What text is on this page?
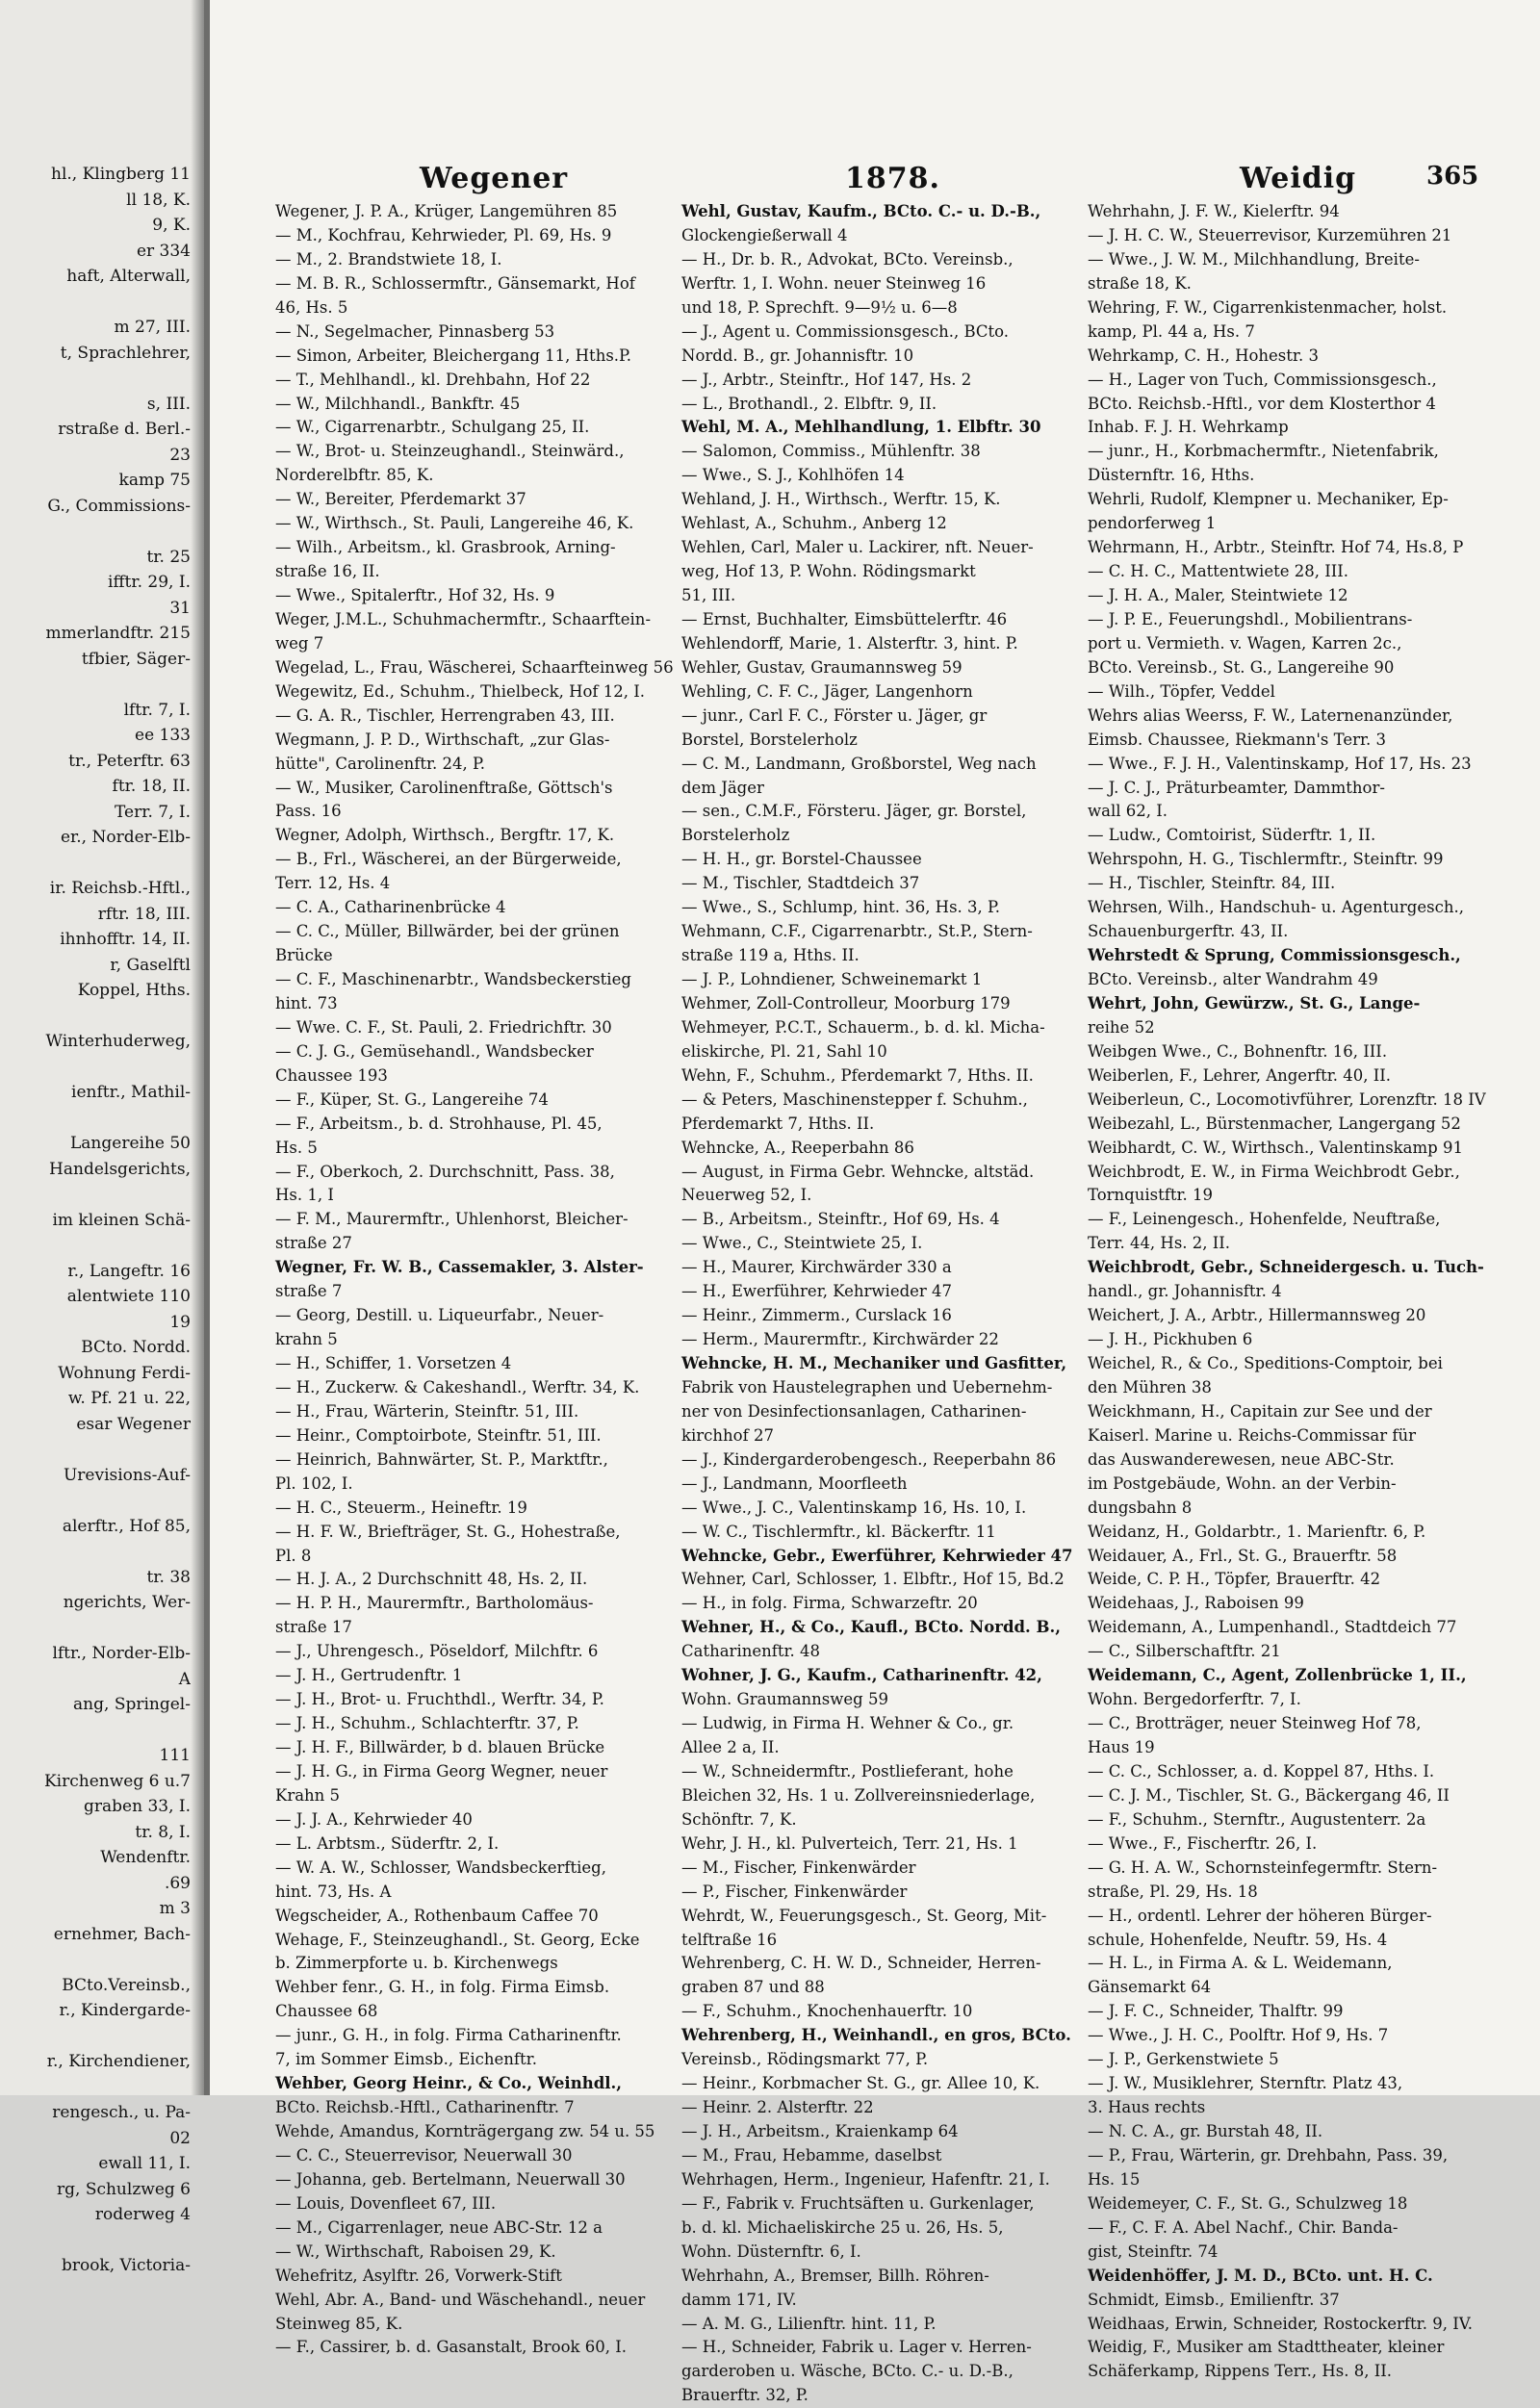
hl., Klingberg 11
ll 18, K.
9, K.
er 334
haft, Alterwall,

m 27, III.
t, Sprachlehrer,

s, III.
rstraße d. Berl.-
23
kamp 75
G., Commissions-

tr. 25
ifftr. 29, I.
31
mmerlandftr. 215
tfbier, Säger-

lftr. 7, I.
ee 133
tr., Peterftr. 63
ftr. 18, II.
Terr. 7, I.
er., Norder-Elb-

ir. Reichsb.-Hftl.,
rftr. 18, III.
ihnhofftr. 14, II.
r, Gaselftl
Koppel, Hths.

Winterhuderweg,

ienftr., Mathil-

Langereihe 50
Handelsgerichts,

im kleinen Schä-

r., Langeftr. 16
alentwiete 110
19
BCto. Nordd.
Wohnung Ferdi-
w. Pf. 21 u. 22,
esar Wegener

Urevisions-Auf-

alerftr., Hof 85,

tr. 38
ngerichts, Wer-

lftr., Norder-Elb-
A
ang, Springel-

111
Kirchenweg 6 u.7
graben 33, I.
tr. 8, I.
Wendenftr.
.69
m 3
ernehmer, Bach-

BCto.Vereinsb.,
r., Kindergarde-

r., Kirchendiener,

rengesch., u. Pa-
02
ewall 11, I.
rg, Schulzweg 6
roderweg 4

brook, Victoria-
Wegener	1878.	Weidig	365
Wegener, J. P. A., Krüger, Langemühren 85
— M., Kochfrau, Kehrwieder, Pl. 69, Hs. 9
— M., 2. Brandstwiete 18, I.
— M. B. R., Schlossermftr., Gänsemarkt, Hof
46, Hs. 5
— N., Segelmacher, Pinnasberg 53
— Simon, Arbeiter, Bleichergang 11, Hths.P.
— T., Mehlhandl., kl. Drehbahn, Hof 22
— W., Milchhandl., Bankftr. 45
— W., Cigarrenarbtr., Schulgang 25, II.
— W., Brot- u. Steinzeughandl., Steinwärd.,
Norderelbftr. 85, K.
— W., Bereiter, Pferdemarkt 37
— W., Wirthsch., St. Pauli, Langereihe 46, K.
— Wilh., Arbeitsm., kl. Grasbrook, Arning-
straße 16, II.
— Wwe., Spitalerftr., Hof 32, Hs. 9
Weger, J.M.L., Schuhmachermftr., Schaarftein-
weg 7
Wegelad, L., Frau, Wäscherei, Schaarfteinweg 56
Wegewitz, Ed., Schuhm., Thielbeck, Hof 12, I.
— G. A. R., Tischler, Herrengraben 43, III.
Wegmann, J. P. D., Wirthschaft, „zur Glas-
hütte", Carolinenftr. 24, P.
— W., Musiker, Carolinenftraße, Göttsch's
Pass. 16
Wegner, Adolph, Wirthsch., Bergftr. 17, K.
— B., Frl., Wäscherei, an der Bürgerweide,
Terr. 12, Hs. 4
— C. A., Catharinenbrücke 4
— C. C., Müller, Billwärder, bei der grünen
Brücke
— C. F., Maschinenarbtr., Wandsbeckerstieg
hint. 73
— Wwe. C. F., St. Pauli, 2. Friedrichftr. 30
— C. J. G., Gemüsehandl., Wandsbecker
Chaussee 193
— F., Küper, St. G., Langereihe 74
— F., Arbeitsm., b. d. Strohhause, Pl. 45,
Hs. 5
— F., Oberkoch, 2. Durchschnitt, Pass. 38,
Hs. 1, I
— F. M., Maurermftr., Uhlenhorst, Bleicher-
straße 27
Wegner, Fr. W. B., Cassemakler, 3. Alster-
straße 7
— Georg, Destill. u. Liqueurfabr., Neuer-
krahn 5
— H., Schiffer, 1. Vorsetzen 4
— H., Zuckerw. & Cakeshandl., Werftr. 34, K.
— H., Frau, Wärterin, Steinftr. 51, III.
— Heinr., Comptoirbote, Steinftr. 51, III.
— Heinrich, Bahnwärter, St. P., Marktftr.,
Pl. 102, I.
— H. C., Steuerm., Heineftr. 19
— H. F. W., Briefträger, St. G., Hohestraße,
Pl. 8
— H. J. A., 2 Durchschnitt 48, Hs. 2, II.
— H. P. H., Maurermftr., Bartholomäus-
straße 17
— J., Uhrengesch., Pöseldorf, Milchftr. 6
— J. H., Gertrudenftr. 1
— J. H., Brot- u. Fruchthdl., Werftr. 34, P.
— J. H., Schuhm., Schlachterftr. 37, P.
— J. H. F., Billwärder, b d. blauen Brücke
— J. H. G., in Firma Georg Wegner, neuer
Krahn 5
— J. J. A., Kehrwieder 40
— L. Arbtsm., Süderftr. 2, I.
— W. A. W., Schlosser, Wandsbeckerftieg,
hint. 73, Hs. A
Wegscheider, A., Rothenbaum Caffee 70
Wehage, F., Steinzeughandl., St. Georg, Ecke
b. Zimmerpforte u. b. Kirchenwegs
Wehber fenr., G. H., in folg. Firma Eimsb.
Chaussee 68
— junr., G. H., in folg. Firma Catharinenftr.
7, im Sommer Eimsb., Eichenftr.
Wehber, Georg Heinr., & Co., Weinhdl.,
BCto. Reichsb.-Hftl., Catharinenftr. 7
Wehde, Amandus, Kornträgergang zw. 54 u. 55
— C. C., Steuerrevisor, Neuerwall 30
— Johanna, geb. Bertelmann, Neuerwall 30
— Louis, Dovenfleet 67, III.
— M., Cigarrenlager, neue ABC-Str. 12 a
— W., Wirthschaft, Raboisen 29, K.
Wehefritz, Asylftr. 26, Vorwerk-Stift
Wehl, Abr. A., Band- und Wäschehandl., neuer
Steinweg 85, K.
— F., Cassirer, b. d. Gasanstalt, Brook 60, I.
Wehl, Gustav, Kaufm., BCto. C.- u. D.-B.,
Glockengießerwall 4
— H., Dr. b. R., Advokat, BCto. Vereinsb.,
Werftr. 1, I. Wohn. neuer Steinweg 16
und 18, P. Sprechft. 9—9½ u. 6—8
— J., Agent u. Commissionsgesch., BCto.
Nordd. B., gr. Johannisftr. 10
— J., Arbtr., Steinftr., Hof 147, Hs. 2
— L., Brothandl., 2. Elbftr. 9, II.
Wehl, M. A., Mehlhandlung, 1. Elbftr. 30
— Salomon, Commiss., Mühlenftr. 38
— Wwe., S. J., Kohlhöfen 14
Wehland, J. H., Wirthsch., Werftr. 15, K.
Wehlast, A., Schuhm., Anberg 12
Wehlen, Carl, Maler u. Lackirer, nft. Neuer-
weg, Hof 13, P. Wohn. Rödingsmarkt
51, III.
— Ernst, Buchhalter, Eimsbüttelerftr. 46
Wehlendorff, Marie, 1. Alsterftr. 3, hint. P.
Wehler, Gustav, Graumannsweg 59
Wehling, C. F. C., Jäger, Langenhorn
— junr., Carl F. C., Förster u. Jäger, gr
Borstel, Borstelerholz
— C. M., Landmann, Großborstel, Weg nach
dem Jäger
— sen., C.M.F., Försteru. Jäger, gr. Borstel,
Borstelerholz
— H. H., gr. Borstel-Chaussee
— M., Tischler, Stadtdeich 37
— Wwe., S., Schlump, hint. 36, Hs. 3, P.
Wehmann, C.F., Cigarrenarbtr., St.P., Stern-
straße 119 a, Hths. II.
— J. P., Lohndiener, Schweinemarkt 1
Wehmer, Zoll-Controlleur, Moorburg 179
Wehmeyer, P.C.T., Schauerm., b. d. kl. Micha-
eliskirche, Pl. 21, Sahl 10
Wehn, F., Schuhm., Pferdemarkt 7, Hths. II.
— & Peters, Maschinenstepper f. Schuhm.,
Pferdemarkt 7, Hths. II.
Wehncke, A., Reeperbahn 86
— August, in Firma Gebr. Wehncke, altstäd.
Neuerweg 52, I.
— B., Arbeitsm., Steinftr., Hof 69, Hs. 4
— Wwe., C., Steintwiete 25, I.
— H., Maurer, Kirchwärder 330 a
— H., Ewerführer, Kehrwieder 47
— Heinr., Zimmerm., Curslack 16
— Herm., Maurermftr., Kirchwärder 22
Wehncke, H. M., Mechaniker und Gasfitter,
Fabrik von Haustelegraphen und Uebernehm-
ner von Desinfectionsanlagen, Catharinen-
kirchhof 27
— J., Kindergarderobengesch., Reeperbahn 86
— J., Landmann, Moorfleeth
— Wwe., J. C., Valentinskamp 16, Hs. 10, I.
— W. C., Tischlermftr., kl. Bäckerftr. 11
Wehncke, Gebr., Ewerführer, Kehrwieder 47
Wehner, Carl, Schlosser, 1. Elbftr., Hof 15, Bd.2
— H., in folg. Firma, Schwarzeftr. 20
Wehner, H., & Co., Kaufl., BCto. Nordd. B.,
Catharinenftr. 48
Wohner, J. G., Kaufm., Catharinenftr. 42,
Wohn. Graumannsweg 59
— Ludwig, in Firma H. Wehner & Co., gr.
Allee 2 a, II.
— W., Schneidermftr., Postlieferant, hohe
Bleichen 32, Hs. 1 u. Zollvereinsniederlage,
Schönftr. 7, K.
Wehr, J. H., kl. Pulverteich, Terr. 21, Hs. 1
— M., Fischer, Finkenwärder
— P., Fischer, Finkenwärder
Wehrdt, W., Feuerungsgesch., St. Georg, Mit-
telftraße 16
Wehrenberg, C. H. W. D., Schneider, Herren-
graben 87 und 88
— F., Schuhm., Knochenhauerftr. 10
Wehrenberg, H., Weinhandl., en gros, BCto.
Vereinsb., Rödingsmarkt 77, P.
— Heinr., Korbmacher St. G., gr. Allee 10, K.
— Heinr. 2. Alsterftr. 22
— J. H., Arbeitsm., Kraienkamp 64
— M., Frau, Hebamme, daselbst
Wehrhagen, Herm., Ingenieur, Hafenftr. 21, I.
— F., Fabrik v. Fruchtsäften u. Gurkenlager,
b. d. kl. Michaeliskirche 25 u. 26, Hs. 5,
Wohn. Düsternftr. 6, I.
Wehrhahn, A., Bremser, Billh. Röhren-
damm 171, IV.
— A. M. G., Lilienftr. hint. 11, P.
— H., Schneider, Fabrik u. Lager v. Herren-
garderoben u. Wäsche, BCto. C.- u. D.-B.,
Brauerftr. 32, P.
Wehrhahn, J. F. W., Kielerftr. 94
— J. H. C. W., Steuerrevisor, Kurzemühren 21
— Wwe., J. W. M., Milchhandlung, Breite-
straße 18, K.
Wehring, F. W., Cigarrenkistenmacher, holst.
kamp, Pl. 44 a, Hs. 7
Wehrkamp, C. H., Hohestr. 3
— H., Lager von Tuch, Commissionsgesch.,
BCto. Reichsb.-Hftl., vor dem Klosterthor 4
Inhab. F. J. H. Wehrkamp
— junr., H., Korbmachermftr., Nietenfabrik,
Düsternftr. 16, Hths.
Wehrli, Rudolf, Klempner u. Mechaniker, Ep-
pendorferweg 1
Wehrmann, H., Arbtr., Steinftr. Hof 74, Hs.8, P
— C. H. C., Mattentwiete 28, III.
— J. H. A., Maler, Steintwiete 12
— J. P. E., Feuerungshdl., Mobilientrans-
port u. Vermieth. v. Wagen, Karren 2c.,
BCto. Vereinsb., St. G., Langereihe 90
— Wilh., Töpfer, Veddel
Wehrs alias Weerss, F. W., Laternenanzünder,
Eimsb. Chaussee, Riekmann's Terr. 3
— Wwe., F. J. H., Valentinskamp, Hof 17, Hs. 23
— J. C. J., Präturbeamter, Dammthor-
wall 62, I.
— Ludw., Comtoirist, Süderftr. 1, II.
Wehrspohn, H. G., Tischlermftr., Steinftr. 99
— H., Tischler, Steinftr. 84, III.
Wehrsen, Wilh., Handschuh- u. Agenturgesch.,
Schauenburgerftr. 43, II.
Wehrstedt & Sprung, Commissionsgesch.,
BCto. Vereinsb., alter Wandrahm 49
Wehrt, John, Gewürzw., St. G., Lange-
reihe 52
Weibgen Wwe., C., Bohnenftr. 16, III.
Weiberlen, F., Lehrer, Angerftr. 40, II.
Weiberleun, C., Locomotivführer, Lorenzftr. 18 IV
Weibezahl, L., Bürstenmacher, Langergang 52
Weibhardt, C. W., Wirthsch., Valentinskamp 91
Weichbrodt, E. W., in Firma Weichbrodt Gebr.,
Tornquistftr. 19
— F., Leinengesch., Hohenfelde, Neuftraße,
Terr. 44, Hs. 2, II.
Weichbrodt, Gebr., Schneidergesch. u. Tuch-
handl., gr. Johannisftr. 4
Weichert, J. A., Arbtr., Hillermannsweg 20
— J. H., Pickhuben 6
Weichel, R., & Co., Speditions-Comptoir, bei
den Mühren 38
Weickhmann, H., Capitain zur See und der
Kaiserl. Marine u. Reichs-Commissar für
das Auswanderewesen, neue ABC-Str.
im Postgebäude, Wohn. an der Verbin-
dungsbahn 8
Weidanz, H., Goldarbtr., 1. Marienftr. 6, P.
Weidauer, A., Frl., St. G., Brauerftr. 58
Weide, C. P. H., Töpfer, Brauerftr. 42
Weidehaas, J., Raboisen 99
Weidemann, A., Lumpenhandl., Stadtdeich 77
— C., Silberschaftftr. 21
Weidemann, C., Agent, Zollenbrücke 1, II.,
Wohn. Bergedorferftr. 7, I.
— C., Brotträger, neuer Steinweg Hof 78,
Haus 19
— C. C., Schlosser, a. d. Koppel 87, Hths. I.
— C. J. M., Tischler, St. G., Bäckergang 46, II
— F., Schuhm., Sternftr., Augustenterr. 2a
— Wwe., F., Fischerftr. 26, I.
— G. H. A. W., Schornsteinfegermftr. Stern-
straße, Pl. 29, Hs. 18
— H., ordentl. Lehrer der höheren Bürger-
schule, Hohenfelde, Neuftr. 59, Hs. 4
— H. L., in Firma A. & L. Weidemann,
Gänsemarkt 64
— J. F. C., Schneider, Thalftr. 99
— Wwe., J. H. C., Poolftr. Hof 9, Hs. 7
— J. P., Gerkenstwiete 5
— J. W., Musiklehrer, Sternftr. Platz 43,
3. Haus rechts
— N. C. A., gr. Burstah 48, II.
— P., Frau, Wärterin, gr. Drehbahn, Pass. 39,
Hs. 15
Weidemeyer, C. F., St. G., Schulzweg 18
— F., C. F. A. Abel Nachf., Chir. Banda-
gist, Steinftr. 74
Weidenhöffer, J. M. D., BCto. unt. H. C.
Schmidt, Eimsb., Emilienftr. 37
Weidhaas, Erwin, Schneider, Rostockerftr. 9, IV.
Weidig, F., Musiker am Stadttheater, kleiner
Schäferkamp, Rippens Terr., Hs. 8, II.
